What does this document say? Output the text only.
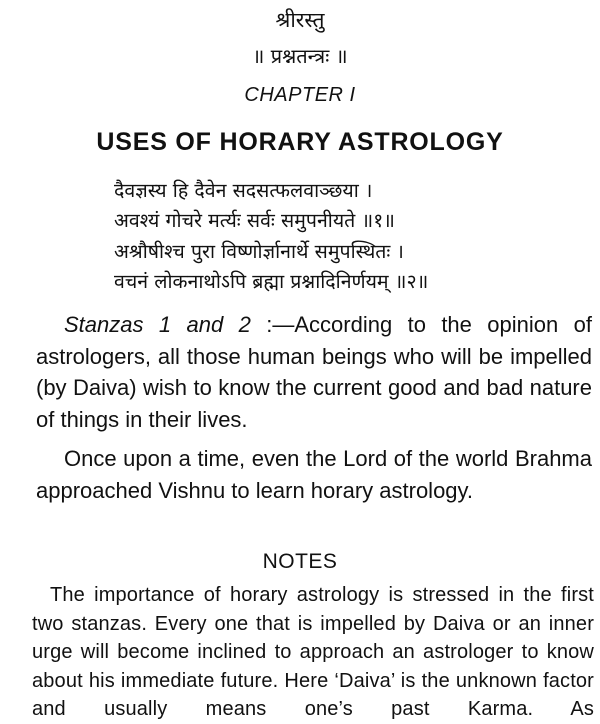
श्रीरस्तु
॥ प्रश्नतन्त्रः ॥
CHAPTER I
USES OF HORARY ASTROLOGY
दैवज्ञस्य हि दैवेन सदसत्फलवाञ्छया ।
अवश्यं गोचरे मर्त्यः सर्वः समुपनीयते ॥१॥
अश्रौषीश्च पुरा विष्णोर्ज्ञानार्थे समुपस्थितः ।
वचनं लोकनाथोऽपि ब्रह्मा प्रश्नादिनिर्णयम् ॥२॥

Stanzas 1 and 2 :—According to the opinion of astrologers, all those human beings who will be impelled (by Daiva) wish to know the current good and bad nature of things in their lives.

Once upon a time, even the Lord of the world Brahma approached Vishnu to learn horary astrology.

NOTES

The importance of horary astrology is stressed in the first two stanzas. Every one that is impelled by Daiva or an inner urge will become inclined to approach an astrologer to know about his immediate future. Here ‘Daiva’ is the unknown factor and usually means one’s past Karma. As
